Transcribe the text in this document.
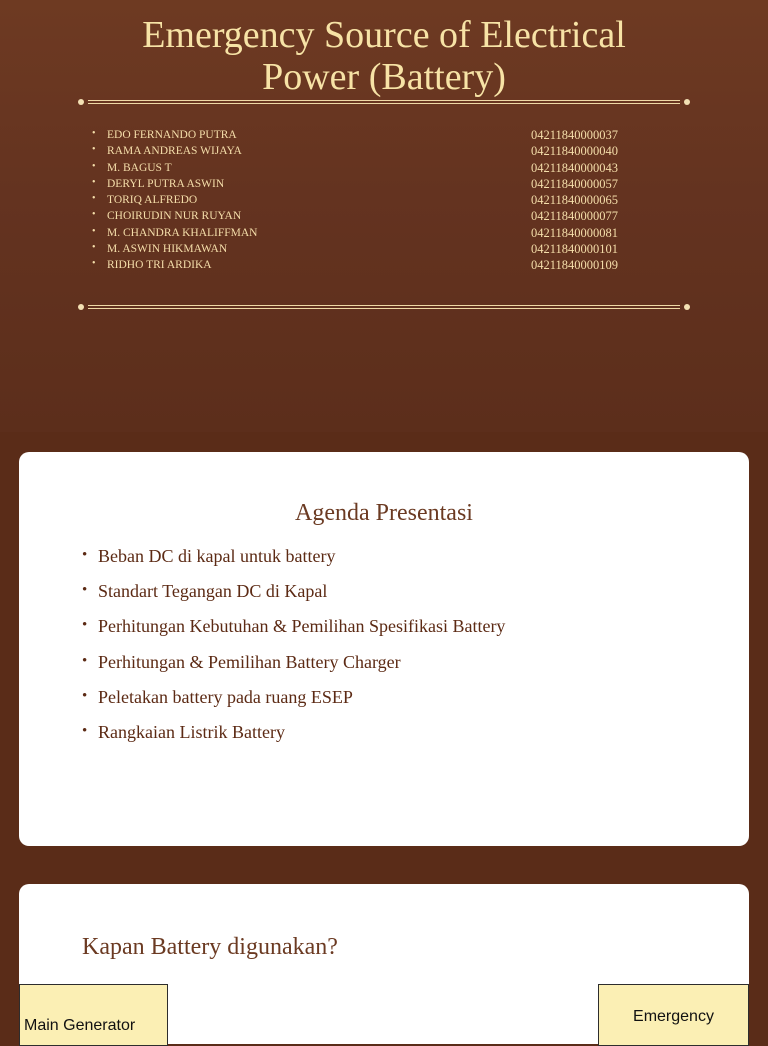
Emergency Source of Electrical
Power (Battery)
• EDO FERNANDO PUTRA	04211840000037
• RAMA ANDREAS WIJAYA	04211840000040
• M. BAGUS T	04211840000043
• DERYL PUTRA ASWIN	04211840000057
• TORIQ ALFREDO	04211840000065
• CHOIRUDIN NUR RUYAN	04211840000077
• M. CHANDRA KHALIFFMAN	04211840000081
• M. ASWIN HIKMAWAN	04211840000101
• RIDHO TRI ARDIKA	04211840000109
Agenda Presentasi
• Beban DC di kapal untuk battery
• Standart Tegangan DC di Kapal
• Perhitungan Kebutuhan & Pemilihan Spesifikasi Battery
• Perhitungan & Pemilihan Battery Charger
• Peletakan battery pada ruang ESEP
• Rangkaian Listrik Battery
Kapan Battery digunakan?
Main Generator
Emergency
